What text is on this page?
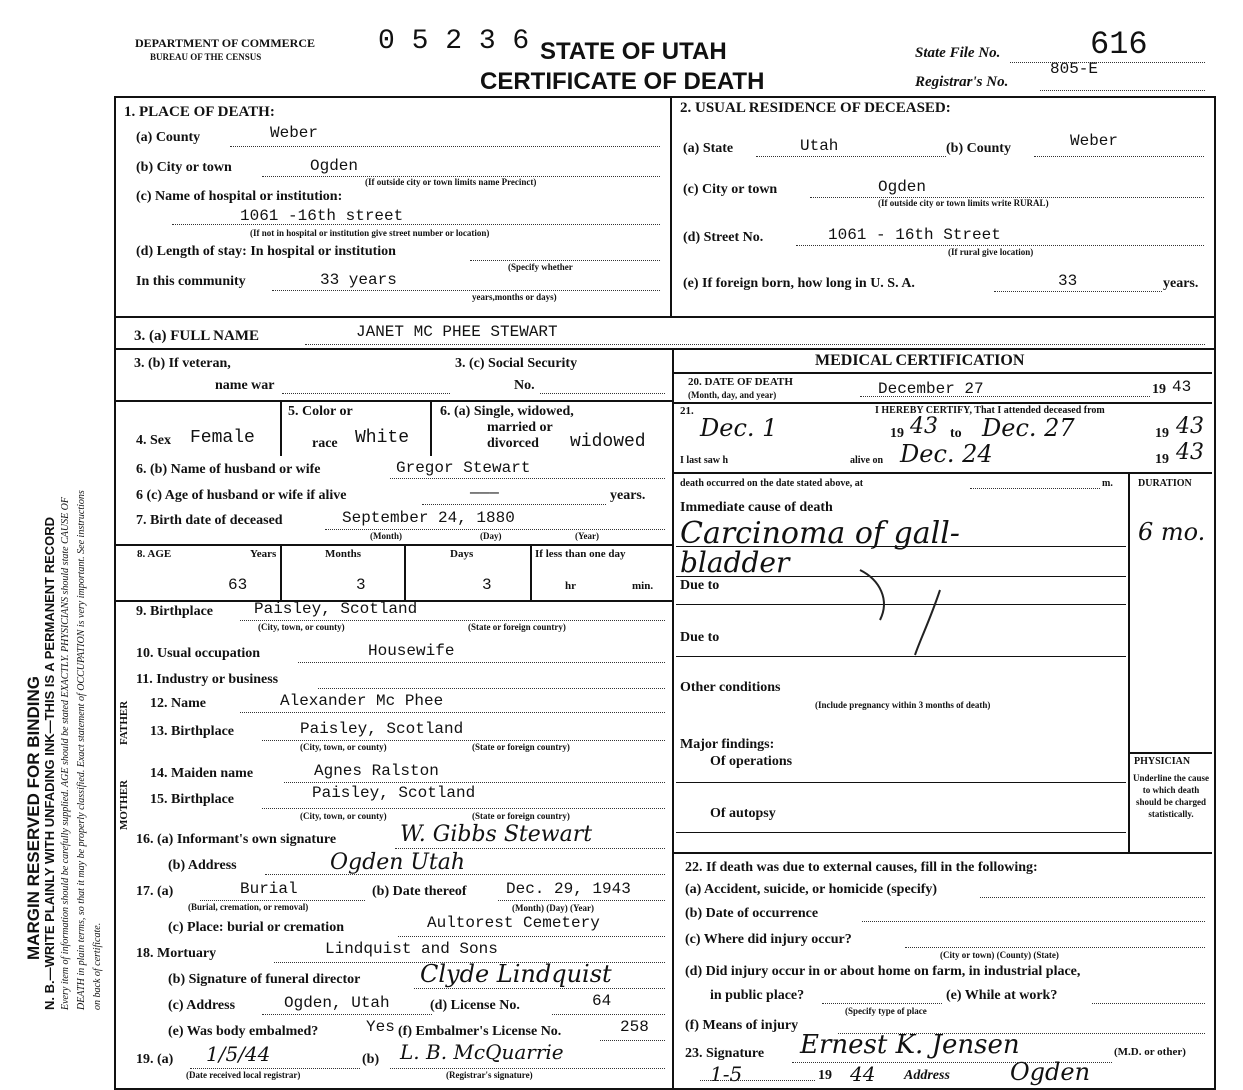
DEPARTMENT OF COMMERCE
BUREAU OF THE CENSUS	0 5 2 3 6 STATE OF UTAH
CERTIFICATE OF DEATH
State File No.	616
Registrar's No.
805-E
MARGIN RESERVED FOR BINDING N. B.—WRITE PLAINLY WITH UNFADING INK—THIS IS A PERMANENT RECORD Every item of information should be carefully supplied. AGE should be stated EXACTLY. PHYSICIANS should state CAUSE OF DEATH in plain terms, so that it may be properly classified. Exact statement of OCCUPATION is very important. See instructions on back of certificate.
1. PLACE OF DEATH:
(a) County	Weber
(b) City or town	Ogden
(If outside city or town limits name Precinct)
(c) Name of hospital or institution:
1061 -16th street
(If not in hospital or institution give street number or location)
(d) Length of stay: In hospital or institution
(Specify whether
In this community	33 years
years,months or days)
2. USUAL RESIDENCE OF DECEASED:
(a) State	Utah	(b) County	Weber
(c) City or town	Ogden
(If outside city or town limits write RURAL)
(d) Street No.	1061 - 16th Street
(If rural give location)
(e) If foreign born, how long in U. S. A.	33	years.
3. (a) FULL NAME	JANET MC PHEE STEWART
3. (b) If veteran,
name war
3. (c) Social Security
No.
4. Sex Female
5. Color or
race White
6. (a) Single, widowed,
married or
divorced widowed
6. (b) Name of husband or wife	Gregor Stewart
6 (c) Age of husband or wife if alive	———	years.
7. Birth date of deceased	September 24, 1880
(Month)	(Day)	(Year)
8. AGE	Years	Months	Days	If less than one day
63	3	3	hr	min.
9. Birthplace	Paisley, Scotland
(City, town, or county)	(State or foreign country)
10. Usual occupation	Housewife
11. Industry or business
FATHER
MOTHER
12. Name	Alexander Mc Phee
13. Birthplace	Paisley, Scotland
(City, town, or county)	(State or foreign country)
14. Maiden name	Agnes Ralston
15. Birthplace	Paisley, Scotland
(City, town, or county)	(State or foreign country)
16. (a) Informant's own signature	W. Gibbs Stewart
(b) Address	Ogden Utah
17. (a)	Burial
(Burial, cremation, or removal)
(b) Date thereof Dec. 29, 1943
(Month) (Day) (Year)
(c) Place: burial or cremation	Aultorest Cemetery
18. Mortuary	Lindquist and Sons
(b) Signature of funeral director Clyde Lindquist
(c) Address	Ogden, Utah	(d) License No.	64
(e) Was body embalmed?	Yes (f) Embalmer's License No.	258
19. (a) 1/5/44
(Date received local registrar)
(b) L. B. McQuarrie
(Registrar's signature)
MEDICAL CERTIFICATION
20. DATE OF DEATH
(Month, day, and year)	December 27	19 43
21.	I HEREBY CERTIFY, That I attended deceased from
Dec. 1	19 43 to Dec. 27	19 43
I last saw h	alive on Dec. 24	19 43
death occurred on the date stated above, at	m.	DURATION
Immediate cause of death
Carcinoma of gall-	6 mo.
bladder
Due to
Due to
Other conditions
(Include pregnancy within 3 months of death)
Major findings:
Of operations
Of autopsy
PHYSICIAN
Underline the cause to which death should be charged statistically.
22. If death was due to external causes, fill in the following:
(a) Accident, suicide, or homicide (specify)
(b) Date of occurrence
(c) Where did injury occur?
(City or town) (County) (State)
(d) Did injury occur in or about home on farm, in industrial place,
in public place?
(Specify type of place
(e) While at work?
(f) Means of injury
23. Signature Ernest K. Jensen	(M.D. or other)
1-5	19 44 Address	Ogden
